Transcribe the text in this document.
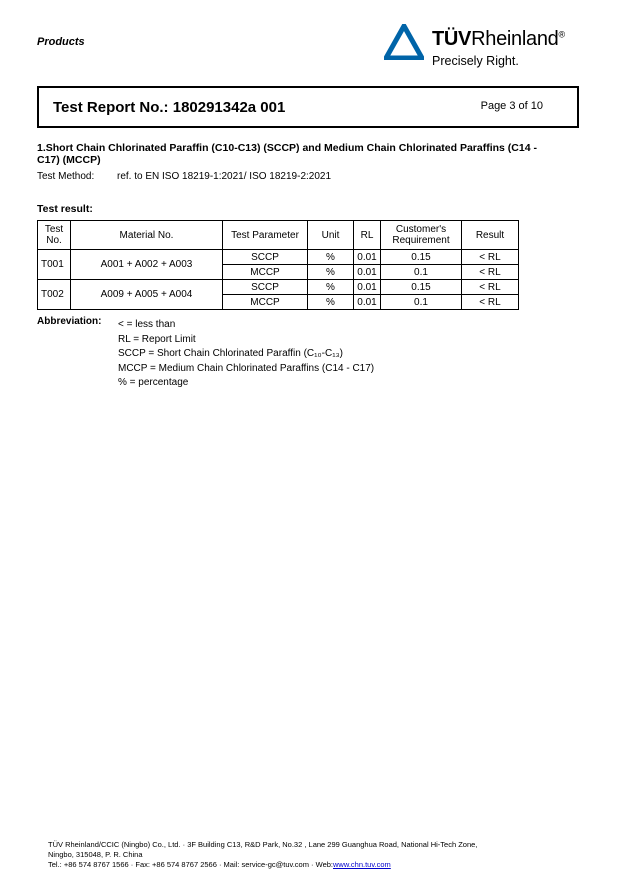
Products	TÜVRheinland®
Precisely Right.
Test Report No.: 180291342a 001	Page 3 of 10
1.Short Chain Chlorinated Paraffin (C10-C13) (SCCP) and Medium Chain Chlorinated Paraffins (C14 - C17) (MCCP)
Test Method: ref. to EN ISO 18219-1:2021/ ISO 18219-2:2021
Test result:
Test No.	Material No.	Test Parameter	Unit	RL	Customer's Requirement	Result
T001	A001 + A002 + A003	SCCP	%	0.01	0.15	< RL
		MCCP	%	0.01	0.1	< RL
T002	A009 + A005 + A004	SCCP	%	0.01	0.15	< RL
		MCCP	%	0.01	0.1	< RL
Abbreviation:	< = less than
RL = Report Limit
SCCP = Short Chain Chlorinated Paraffin (C₁₀-C₁₃)
MCCP = Medium Chain Chlorinated Paraffins (C14 - C17)
% = percentage
TÜV Rheinland/CCIC (Ningbo) Co., Ltd. · 3F Building C13, R&D Park, No.32 , Lane 299 Guanghua Road, National Hi-Tech Zone,
Ningbo, 315048, P. R. China
Tel.: +86 574 8767 1566 · Fax: +86 574 8767 2566 · Mail: service-gc@tuv.com · Web:www.chn.tuv.com
